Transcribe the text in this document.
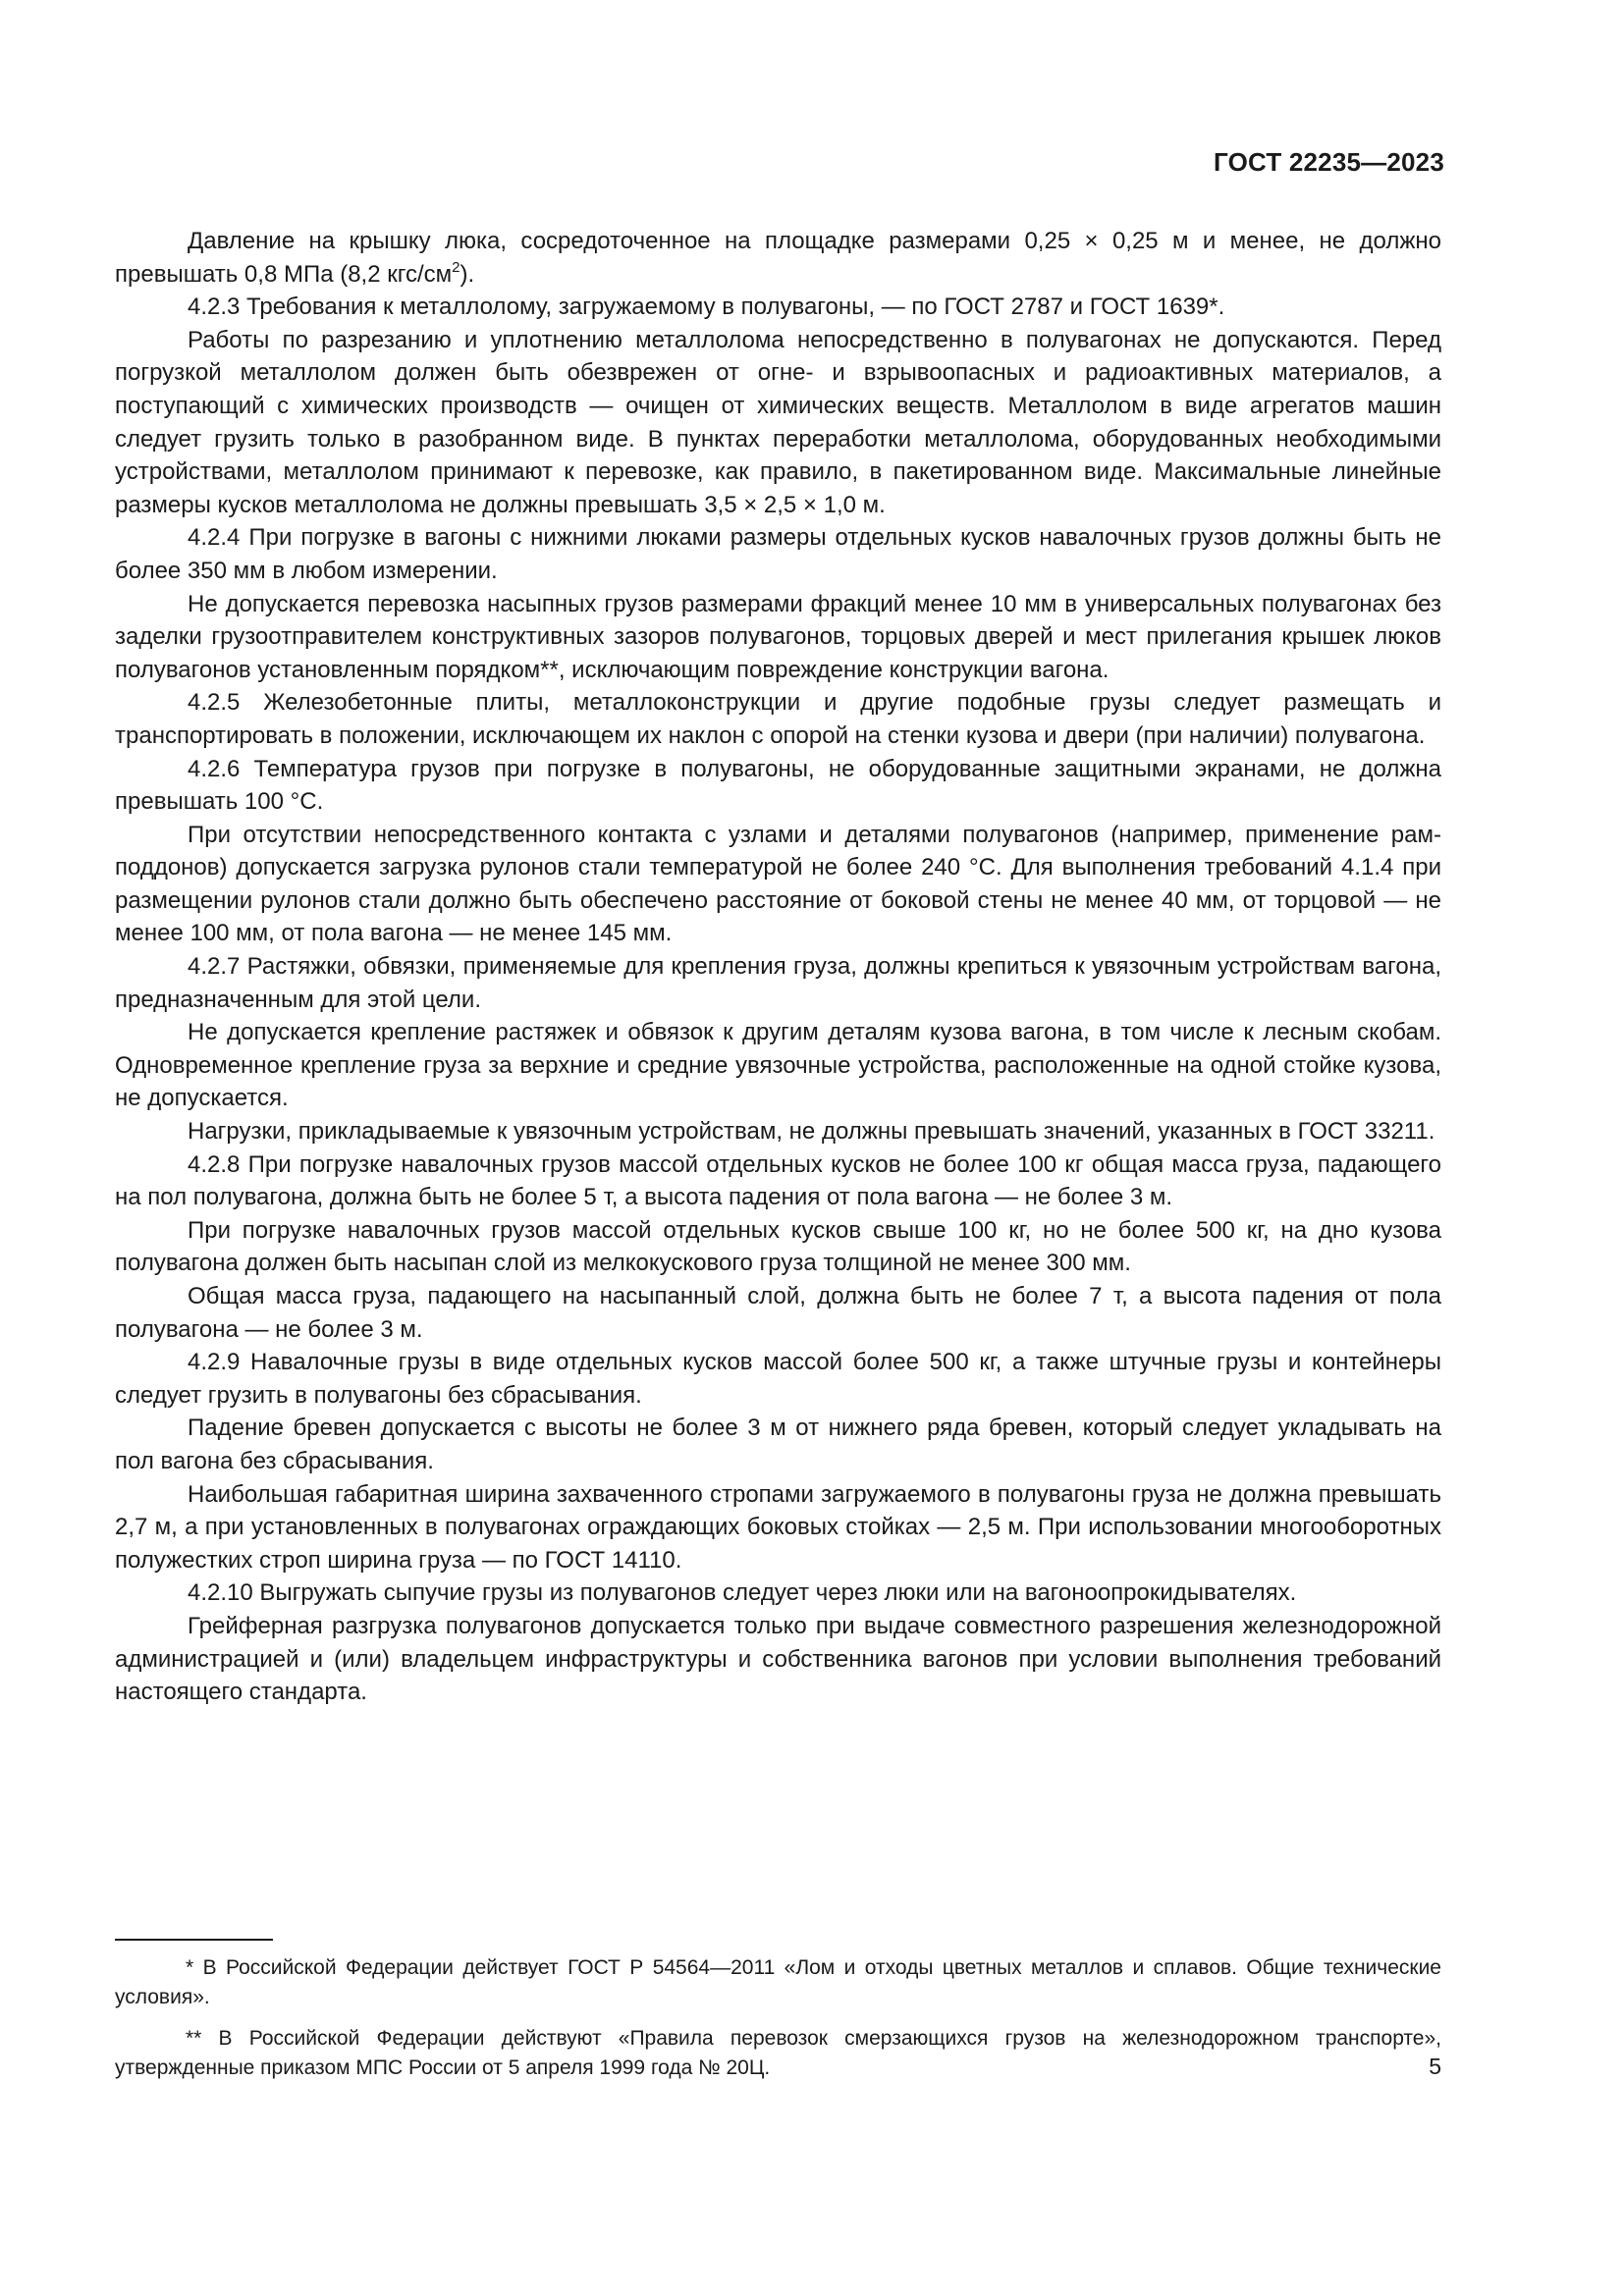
ГОСТ 22235—2023

Давление на крышку люка, сосредоточенное на площадке размерами 0,25 × 0,25 м и менее, не должно превышать 0,8 МПа (8,2 кгс/$см^2$).

4.2.3 Требования к металлолому, загружаемому в полувагоны, — по ГОСТ 2787 и ГОСТ 1639*.

Работы по разрезанию и уплотнению металлолома непосредственно в полувагонах не допускаются. Перед погрузкой металлолом должен быть обезврежен от огне- и взрывоопасных и радиоактивных материалов, а поступающий с химических производств — очищен от химических веществ. Металлолом в виде агрегатов машин следует грузить только в разобранном виде. В пунктах переработки металлолома, оборудованных необходимыми устройствами, металлолом принимают к перевозке, как правило, в пакетированном виде. Максимальные линейные размеры кусков металлолома не должны превышать 3,5 × 2,5 × 1,0 м.

4.2.4 При погрузке в вагоны с нижними люками размеры отдельных кусков навалочных грузов должны быть не более 350 мм в любом измерении.

Не допускается перевозка насыпных грузов размерами фракций менее 10 мм в универсальных полувагонах без заделки грузоотправителем конструктивных зазоров полувагонов, торцовых дверей и мест прилегания крышек люков полувагонов установленным порядком**, исключающим повреждение конструкции вагона.

4.2.5 Железобетонные плиты, металлоконструкции и другие подобные грузы следует размещать и транспортировать в положении, исключающем их наклон с опорой на стенки кузова и двери (при наличии) полувагона.

4.2.6 Температура грузов при погрузке в полувагоны, не оборудованные защитными экранами, не должна превышать 100 °С.

При отсутствии непосредственного контакта с узлами и деталями полувагонов (например, применение рам-поддонов) допускается загрузка рулонов стали температурой не более 240 °С. Для выполнения требований 4.1.4 при размещении рулонов стали должно быть обеспечено расстояние от боковой стены не менее 40 мм, от торцовой — не менее 100 мм, от пола вагона — не менее 145 мм.

4.2.7 Растяжки, обвязки, применяемые для крепления груза, должны крепиться к увязочным устройствам вагона, предназначенным для этой цели.

Не допускается крепление растяжек и обвязок к другим деталям кузова вагона, в том числе к лесным скобам. Одновременное крепление груза за верхние и средние увязочные устройства, расположенные на одной стойке кузова, не допускается.

Нагрузки, прикладываемые к увязочным устройствам, не должны превышать значений, указанных в ГОСТ 33211.

4.2.8 При погрузке навалочных грузов массой отдельных кусков не более 100 кг общая масса груза, падающего на пол полувагона, должна быть не более 5 т, а высота падения от пола вагона — не более 3 м.

При погрузке навалочных грузов массой отдельных кусков свыше 100 кг, но не более 500 кг, на дно кузова полувагона должен быть насыпан слой из мелкокускового груза толщиной не менее 300 мм.

Общая масса груза, падающего на насыпанный слой, должна быть не более 7 т, а высота падения от пола полувагона — не более 3 м.

4.2.9 Навалочные грузы в виде отдельных кусков массой более 500 кг, а также штучные грузы и контейнеры следует грузить в полувагоны без сбрасывания.

Падение бревен допускается с высоты не более 3 м от нижнего ряда бревен, который следует укладывать на пол вагона без сбрасывания.

Наибольшая габаритная ширина захваченного стропами загружаемого в полувагоны груза не должна превышать 2,7 м, а при установленных в полувагонах ограждающих боковых стойках — 2,5 м. При использовании многооборотных полужестких строп ширина груза — по ГОСТ 14110.

4.2.10 Выгружать сыпучие грузы из полувагонов следует через люки или на вагоноопрокидывателях.

Грейферная разгрузка полувагонов допускается только при выдаче совместного разрешения железнодорожной администрацией и (или) владельцем инфраструктуры и собственника вагонов при условии выполнения требований настоящего стандарта.

* В Российской Федерации действует ГОСТ Р 54564—2011 «Лом и отходы цветных металлов и сплавов. Общие технические условия».

** В Российской Федерации действуют «Правила перевозок смерзающихся грузов на железнодорожном транспорте», утвержденные приказом МПС России от 5 апреля 1999 года № 20Ц.	5
